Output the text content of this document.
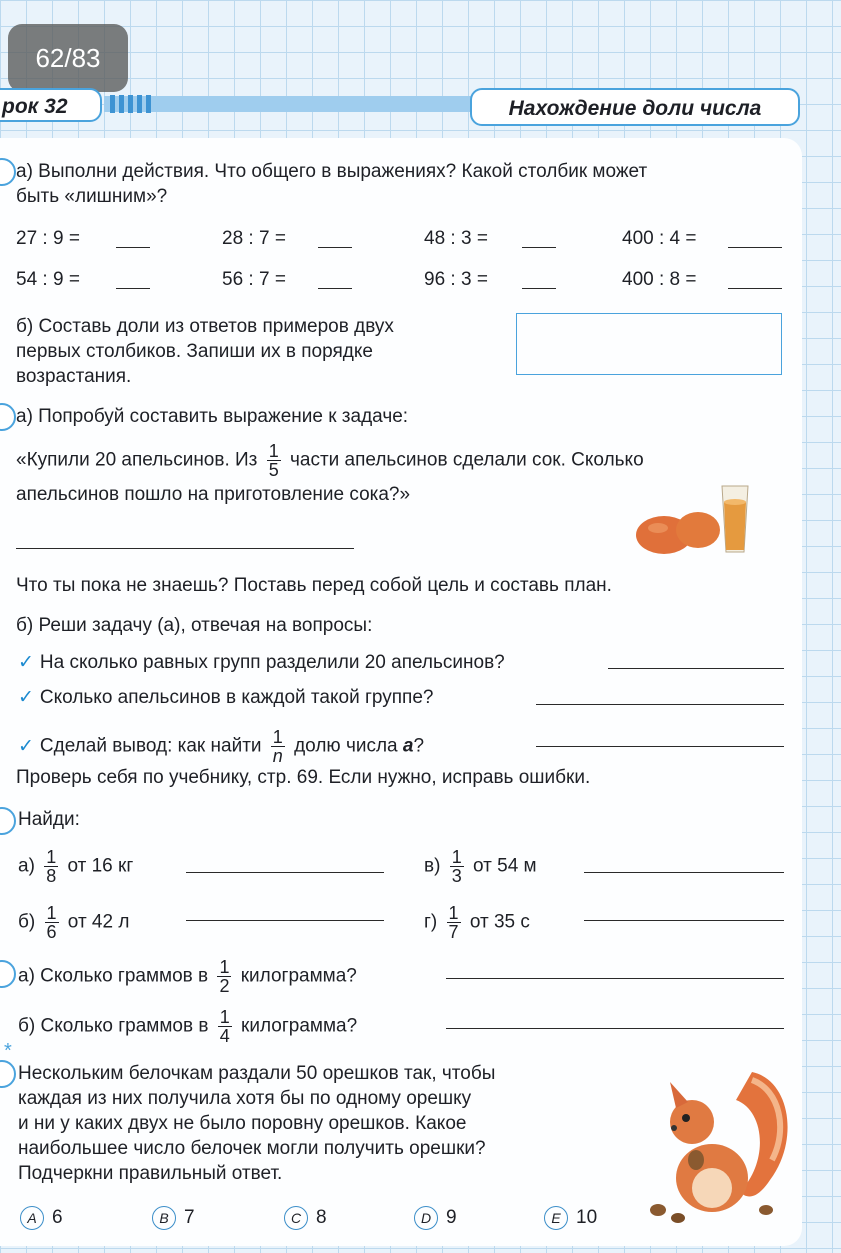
62/83
рок 32	Нахождение доли числа
а) Выполни действия. Что общего в выражениях? Какой столбик может
быть «лишним»?
27 : 9 =	28 : 7 =	48 : 3 =	400 : 4 =
54 : 9 =	56 : 7 =	96 : 3 =	400 : 8 =
б) Составь доли из ответов примеров двух
первых столбиков. Запиши их в порядке
возрастания.
а) Попробуй составить выражение к задаче:
«Купили 20 апельсинов. Из $\frac{1}{5}$ части апельсинов сделали сок. Сколько
апельсинов пошло на приготовление сока?»
Что ты пока не знаешь? Поставь перед собой цель и составь план.
б) Реши задачу (а), отвечая на вопросы:
✓ На сколько равных групп разделили 20 апельсинов?
✓ Сколько апельсинов в каждой такой группе?
✓ Сделай вывод: как найти $\frac{1}{n}$ долю числа a?
Проверь себя по учебнику, стр. 69. Если нужно, исправь ошибки.
Найди:
$а) \frac{1}{8}$ от 16 кг	$в) \frac{1}{3}$ от 54 м
$б) \frac{1}{6}$ от 42 л	$г) \frac{1}{7}$ от 35 с
а) Сколько граммов в $\frac{1}{2}$ килограмма?
б) Сколько граммов в $\frac{1}{4}$ килограмма?
*
Нескольким белочкам раздали 50 орешков так, чтобы
каждая из них получила хотя бы по одному орешку
и ни у каких двух не было поровну орешков. Какое
наибольшее число белочек могли получить орешки?
Подчеркни правильный ответ.
A 6	B 7	C 8	D 9	E 10
